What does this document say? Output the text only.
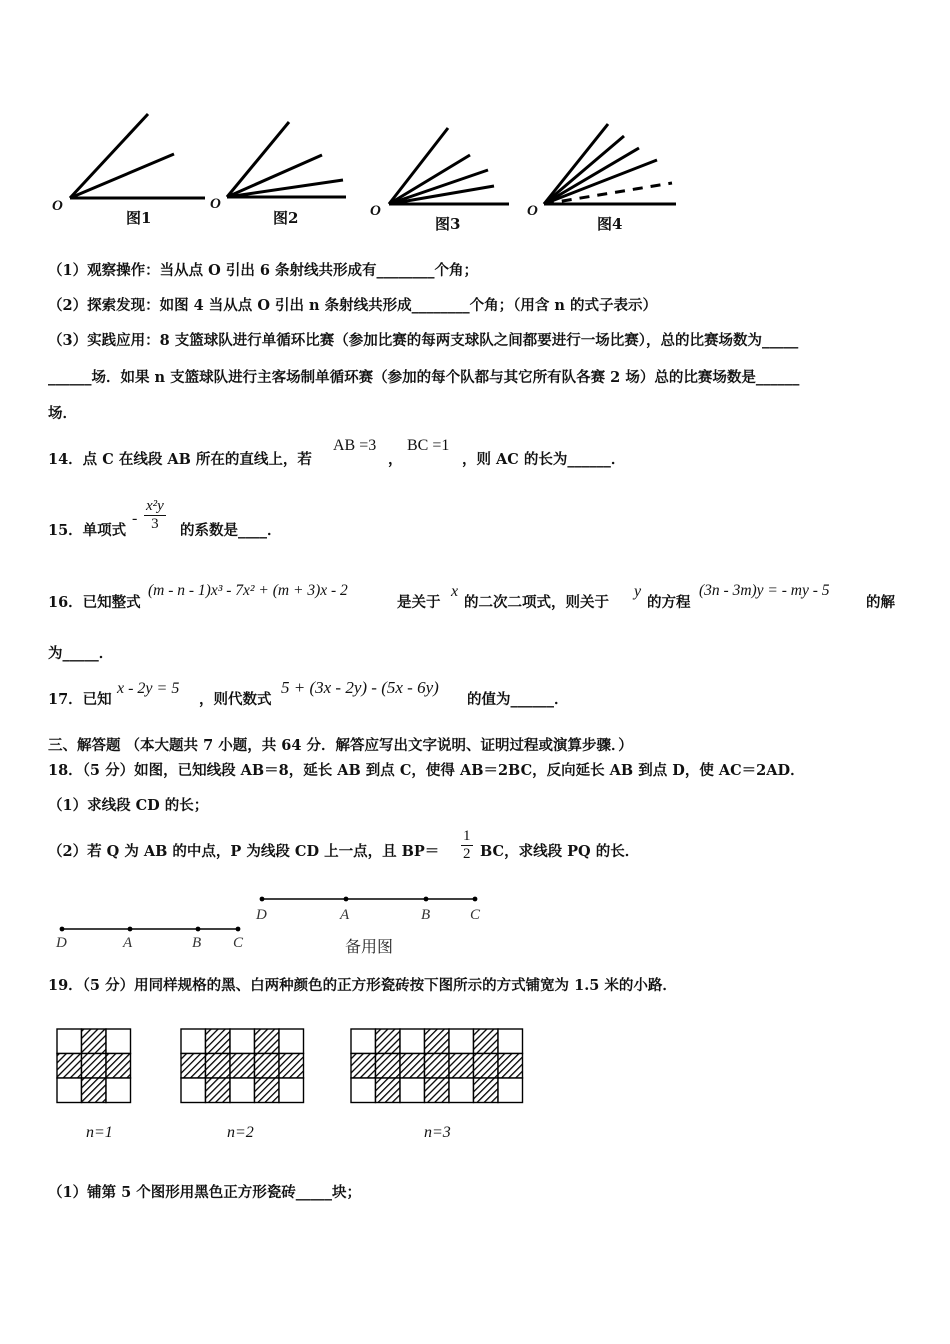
O	O	O	O
图1	图2	图3	图4
（1）观察操作：当从点 O 引出 6 条射线共形成有________个角；
（2）探索发现：如图 4 当从点 O 引出 n 条射线共形成________个角；（用含 n 的式子表示）
（3）实践应用：8 支篮球队进行单循环比赛（参加比赛的每两支球队之间都要进行一场比赛），总的比赛场数为_____
______场．如果 n 支篮球队进行主客场制单循环赛（参加的每个队都与其它所有队各赛 2 场）总的比赛场数是______
场．
14．点 C 在线段 AB 所在的直线上，若
AB =3
，
BC =1
，则 AC 的长为______．
15．单项式
- $\frac{\text{x²y}}{3}$ 的系数是____．
16．已知整式
(m - n - 1)x³ - 7x² + (m + 3)x - 2
是关于
x
的二次二项式，则关于
y
的方程
(3n - 3m)y = - my - 5
的解
为_____．
17．已知
x - 2y = 5
，则代数式
5 + (3x - 2y) - (5x - 6y)
的值为______．
三、解答题 （本大题共 7 小题，共 64 分．解答应写出文字说明、证明过程或演算步骤．）
18．（5 分）如图，已知线段 AB＝8，延长 AB 到点 C，使得 AB＝2BC，反向延长 AB 到点 D，使 AC＝2AD．
（1）求线段 CD 的长；
（2）若 Q 为 AB 的中点，P 为线段 CD 上一点，且 $BP= \frac{1}{2}$ BC，求线段 PQ 的长．
D	A	B	C
D	A	B C	备用图
19．（5 分）用同样规格的黑、白两种颜色的正方形瓷砖按下图所示的方式铺宽为 1.5 米的小路．
n=1	n=2	n=3
（1）铺第 5 个图形用黑色正方形瓷砖_____块；
